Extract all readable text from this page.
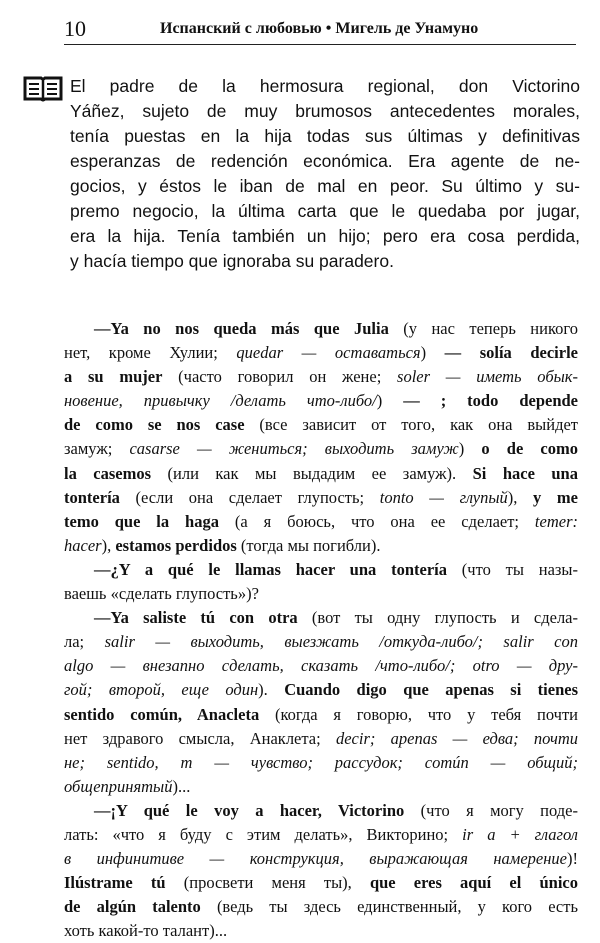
10	Испанский с любовью • Мигель де Унамуно
El padre de la hermosura regional, don Victorino
Yáñez, sujeto de muy brumosos antecedentes morales,
tenía puestas en la hija todas sus últimas y definitivas
esperanzas de redención económica. Era agente de ne-
gocios, y éstos le iban de mal en peor. Su último y su-
premo negocio, la última carta que le quedaba por jugar,
era la hija. Tenía también un hijo; pero era cosa perdida,
y hacía tiempo que ignoraba su paradero.
—Ya no nos queda más que Julia (у нас теперь никого
нет, кроме Хулии; quedar — оставаться) — solía decirle
a su mujer (часто говорил он жене; soler — иметь обык-
новение, привычку /делать что-либо/) — ; todo depende
de como se nos case (все зависит от того, как она выйдет
замуж; casarse — жениться; выходить замуж) o de como
la casemos (или как мы выдадим ее замуж). Si hace una
tontería (если она сделает глупость; tonto — глупый), y me
temo que la haga (а я боюсь, что она ее сделает; temer:
hacer), estamos perdidos (тогда мы погибли).
—¿Y a qué le llamas hacer una tontería (что ты назы-
ваешь «сделать глупость»)?
—Ya saliste tú con otra (вот ты одну глупость и сдела-
ла; salir — выходить, выезжать /откуда-либо/; salir con
algo — внезапно сделать, сказать /что-либо/; otro — дру-
гой; второй, еще один). Cuando digo que apenas si tienes
sentido común, Anacleta (когда я говорю, что у тебя почти
нет здравого смысла, Анаклета; decir; apenas — едва; почти
не; sentido, m — чувство; рассудок; común — общий;
общепринятый)...
—¡Y qué le voy a hacer, Victorino (что я могу поде-
лать: «что я буду с этим делать», Викторино; ir a + глагол
в инфинитиве — конструкция, выражающая намерение)!
Ilústrame tú (просвети меня ты), que eres aquí el único
de algún talento (ведь ты здесь единственный, у кого есть
хоть какой-то талант)...
